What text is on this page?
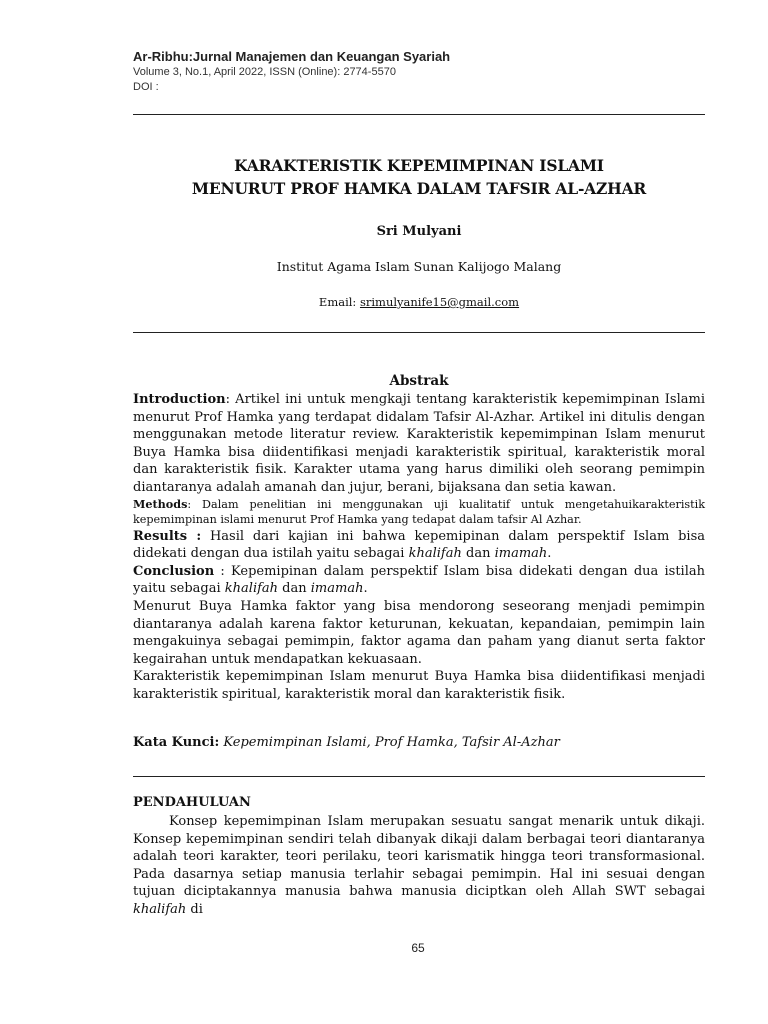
Ar-Ribhu:Jurnal Manajemen dan Keuangan Syariah
Volume 3, No.1, April 2022, ISSN (Online): 2774-5570
DOI :
KARAKTERISTIK KEPEMIMPINAN ISLAMI
MENURUT PROF HAMKA DALAM TAFSIR AL-AZHAR
Sri Mulyani
Institut Agama Islam Sunan Kalijogo Malang
Email: srimulyanife15@gmail.com
Abstrak

Introduction: Artikel ini untuk mengkaji tentang karakteristik kepemimpinan Islami menurut Prof Hamka yang terdapat didalam Tafsir Al-Azhar. Artikel ini ditulis dengan menggunakan metode literatur review. Karakteristik kepemimpinan Islam menurut Buya Hamka bisa diidentifikasi menjadi karakteristik spiritual, karakteristik moral dan karakteristik fisik. Karakter utama yang harus dimiliki oleh seorang pemimpin diantaranya adalah amanah dan jujur, berani, bijaksana dan setia kawan.

Methods: Dalam penelitian ini menggunakan uji kualitatif untuk mengetahuikarakteristik kepemimpinan islami menurut Prof Hamka yang tedapat dalam tafsir Al Azhar.

Results : Hasil dari kajian ini bahwa kepemipinan dalam perspektif Islam bisa didekati dengan dua istilah yaitu sebagai khalifah dan imamah.

Conclusion : Kepemipinan dalam perspektif Islam bisa didekati dengan dua istilah yaitu sebagai khalifah dan imamah.

Menurut Buya Hamka faktor yang bisa mendorong seseorang menjadi pemimpin diantaranya adalah karena faktor keturunan, kekuatan, kepandaian, pemimpin lain mengakuinya sebagai pemimpin, faktor agama dan paham yang dianut serta faktor kegairahan untuk mendapatkan kekuasaan.

Karakteristik kepemimpinan Islam menurut Buya Hamka bisa diidentifikasi menjadi karakteristik spiritual, karakteristik moral dan karakteristik fisik.

Kata Kunci: Kepemimpinan Islami, Prof Hamka, Tafsir Al-Azhar
PENDAHULUAN

Konsep kepemimpinan Islam merupakan sesuatu sangat menarik untuk dikaji. Konsep kepemimpinan sendiri telah dibanyak dikaji dalam berbagai teori diantaranya adalah teori karakter, teori perilaku, teori karismatik hingga teori transformasional. Pada dasarnya setiap manusia terlahir sebagai pemimpin. Hal ini sesuai dengan tujuan diciptakannya manusia bahwa manusia diciptkan oleh Allah SWT sebagai khalifah di

65
